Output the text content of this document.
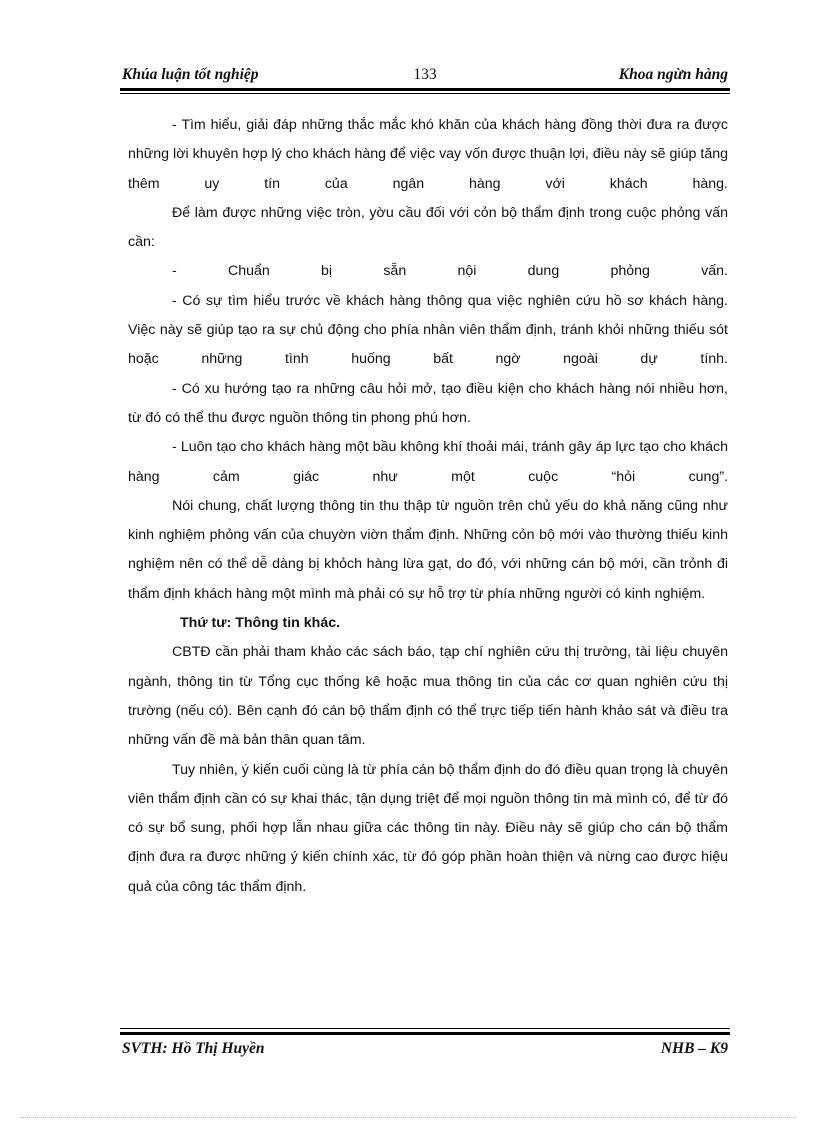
Khúa luận tốt nghiệp	133	Khoa ngừn hàng

- Tìm hiểu, giải đáp những thắc mắc khó khăn của khách hàng đồng thời đưa ra được những lời khuyên hợp lý cho khách hàng để việc vay vốn được thuận lợi, điều này sẽ giúp tăng thêm uy tín của ngân hàng với khách hàng.

Để làm được những việc tròn, yờu cầu đối với cỏn bộ thẩm định trong cuộc phỏng vấn cần:

- Chuẩn bị sẵn nội dung phỏng vấn.

- Có sự tìm hiểu trước về khách hàng thông qua việc nghiên cứu hồ sơ khách hàng. Việc này sẽ giúp tạo ra sự chủ động cho phía nhân viên thẩm định, tránh khỏi những thiếu sót hoặc những tình huống bất ngờ ngoài dự tính.

- Có xu hướng tạo ra những câu hỏi mở, tạo điều kiện cho khách hàng nói nhiều hơn, từ đó có thể thu được nguồn thông tin phong phú hơn.

- Luôn tạo cho khách hàng một bầu không khí thoải mái, tránh gây áp lực tạo cho khách hàng cảm giác như một cuộc “hỏi cung”.

Nói chung, chất lượng thông tin thu thập từ nguồn trên chủ yếu do khả năng cũng như kinh nghiệm phỏng vấn của chuyờn viờn thẩm định. Những cỏn bộ mới vào thường thiếu kinh nghiệm nên có thể dễ dàng bị khỏch hàng lừa gạt, do đó, với những cán bộ mới, cần trỏnh đi thẩm định khách hàng một mình mà phải có sự hỗ trợ từ phía những người có kinh nghiệm.

Thứ tư: Thông tin khác.

CBTĐ cần phải tham khảo các sách báo, tạp chí nghiên cứu thị trường, tài liệu chuyên ngành, thông tin từ Tổng cục thống kê hoặc mua thông tin của các cơ quan nghiên cứu thị trường (nếu có). Bên cạnh đó cán bộ thẩm định có thể trực tiếp tiến hành khảo sát và điều tra những vấn đề mà bản thân quan tâm.

Tuy nhiên, ý kiến cuối cùng là từ phía cán bộ thẩm định do đó điều quan trọng là chuyên viên thẩm định cần có sự khai thác, tận dụng triệt để mọi nguồn thông tin mà mình có, để từ đó có sự bổ sung, phối hợp lẫn nhau giữa các thông tin này. Điều này sẽ giúp cho cán bộ thẩm định đưa ra được những ý kiến chính xác, từ đó góp phần hoàn thiện và nừng cao được hiệu quả của công tác thẩm định.

SVTH: Hồ Thị Huyền	NHB – K9
